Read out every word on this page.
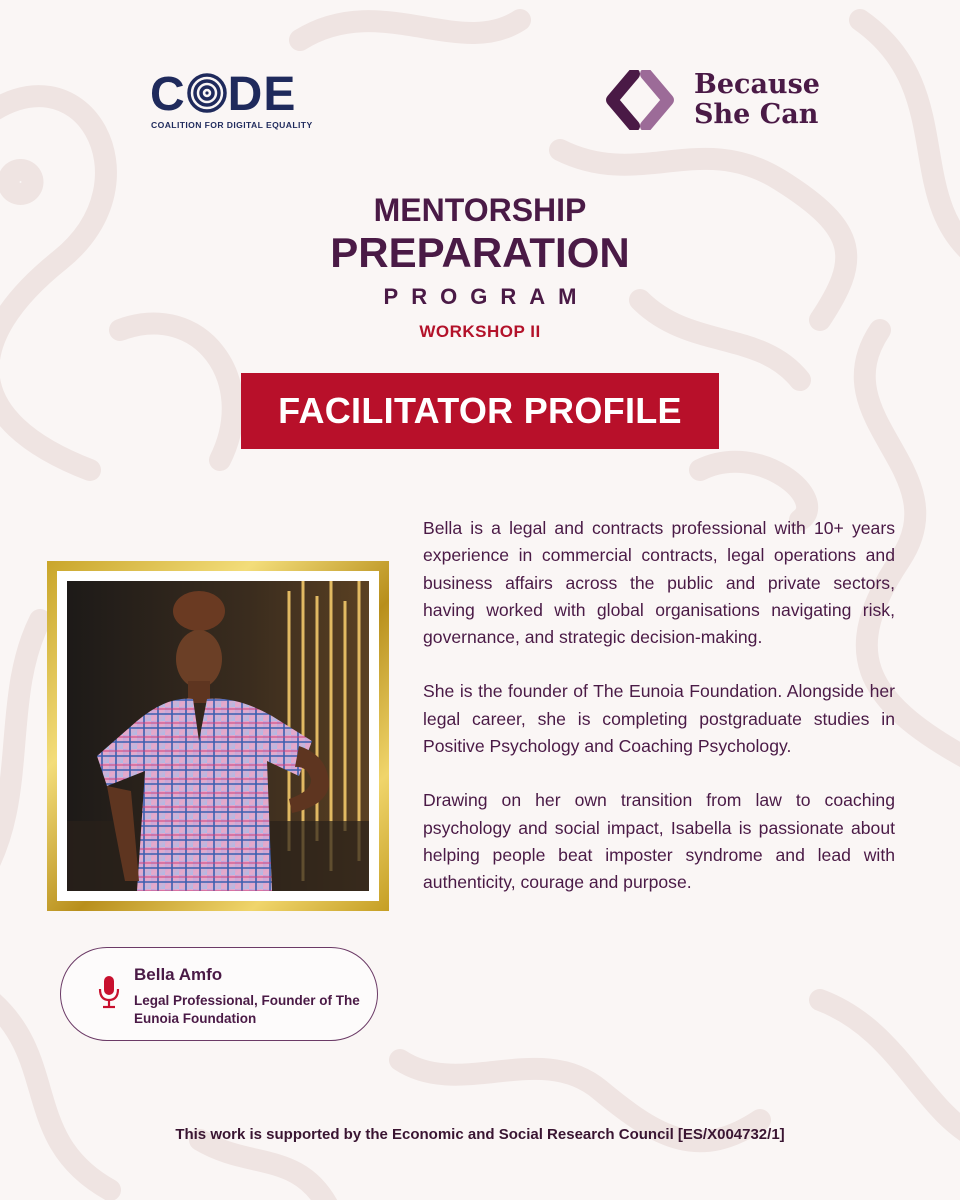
C DE
COALITION FOR DIGITAL EQUALITY
Because
She Can
MENTORSHIP
PREPARATION
PROGRAM
WORKSHOP II
FACILITATOR PROFILE
Bella Amfo
Legal Professional, Founder of The Eunoia Foundation

Bella is a legal and contracts professional with 10+ years experience in commercial contracts, legal operations and business affairs across the public and private sectors, having worked with global organisations navigating risk, governance, and strategic decision-making.

She is the founder of The Eunoia Foundation. Alongside her legal career, she is completing postgraduate studies in Positive Psychology and Coaching Psychology.

Drawing on her own transition from law to coaching psychology and social impact, Isabella is passionate about helping people beat imposter syndrome and lead with authenticity, courage and purpose.

This work is supported by the Economic and Social Research Council [ES/X004732/1]
